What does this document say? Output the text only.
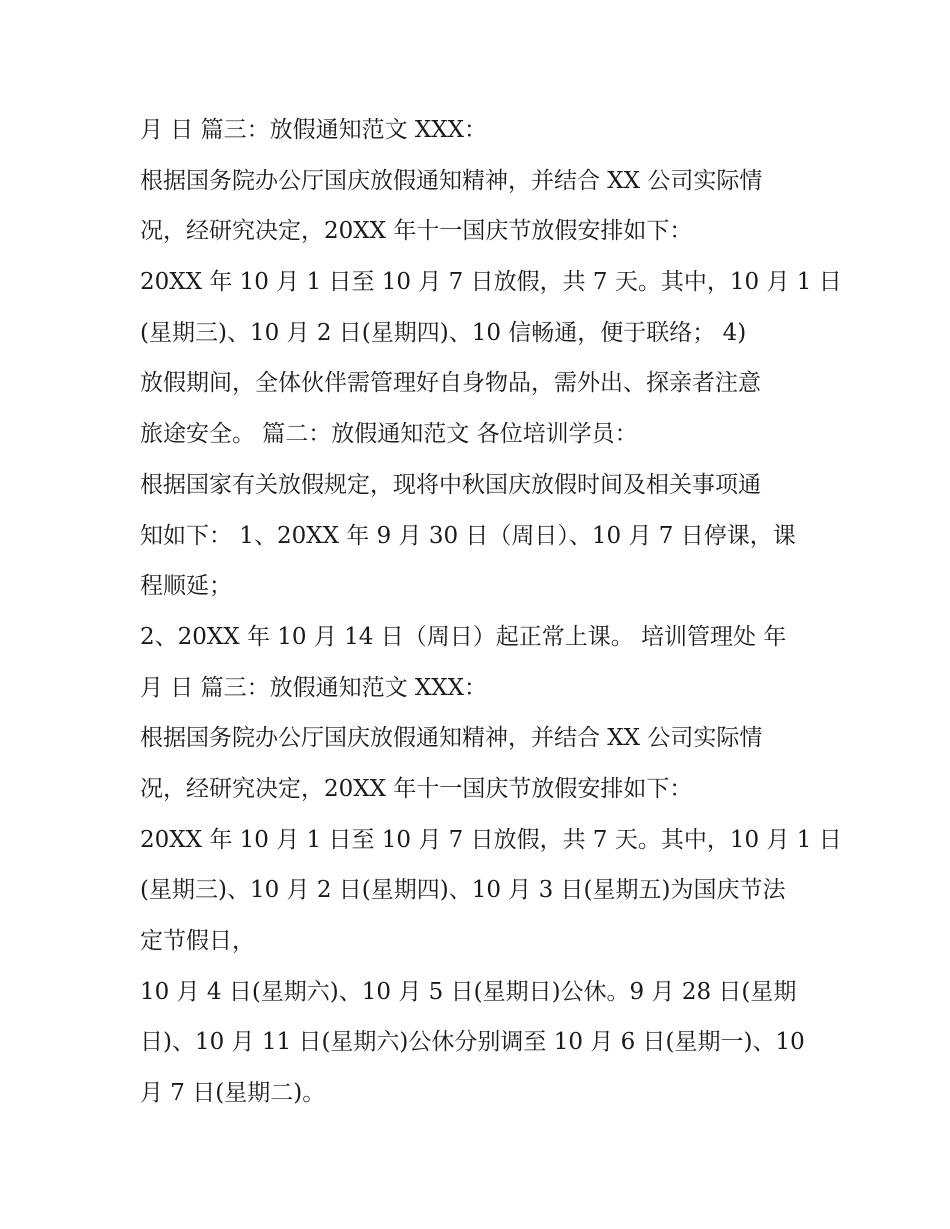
月 日 篇三：放假通知范文 XXX：
根据国务院办公厅国庆放假通知精神，并结合 XX 公司实际情
况，经研究决定，20XX 年十一国庆节放假安排如下：
20XX 年 10 月 1 日至 10 月 7 日放假，共 7 天。其中，10 月 1 日
(星期三)、10 月 2 日(星期四)、10 信畅通，便于联络； 4)
放假期间，全体伙伴需管理好自身物品，需外出、探亲者注意
旅途安全。 篇二：放假通知范文 各位培训学员：
根据国家有关放假规定，现将中秋国庆放假时间及相关事项通
知如下： 1、20XX 年 9 月 30 日（周日）、10 月 7 日停课，课
程顺延；
2、20XX 年 10 月 14 日（周日）起正常上课。 培训管理处 年
月 日 篇三：放假通知范文 XXX：
根据国务院办公厅国庆放假通知精神，并结合 XX 公司实际情
况，经研究决定，20XX 年十一国庆节放假安排如下：
20XX 年 10 月 1 日至 10 月 7 日放假，共 7 天。其中，10 月 1 日
(星期三)、10 月 2 日(星期四)、10 月 3 日(星期五)为国庆节法
定节假日，
10 月 4 日(星期六)、10 月 5 日(星期日)公休。9 月 28 日(星期
日)、10 月 11 日(星期六)公休分别调至 10 月 6 日(星期一)、10
月 7 日(星期二)。
